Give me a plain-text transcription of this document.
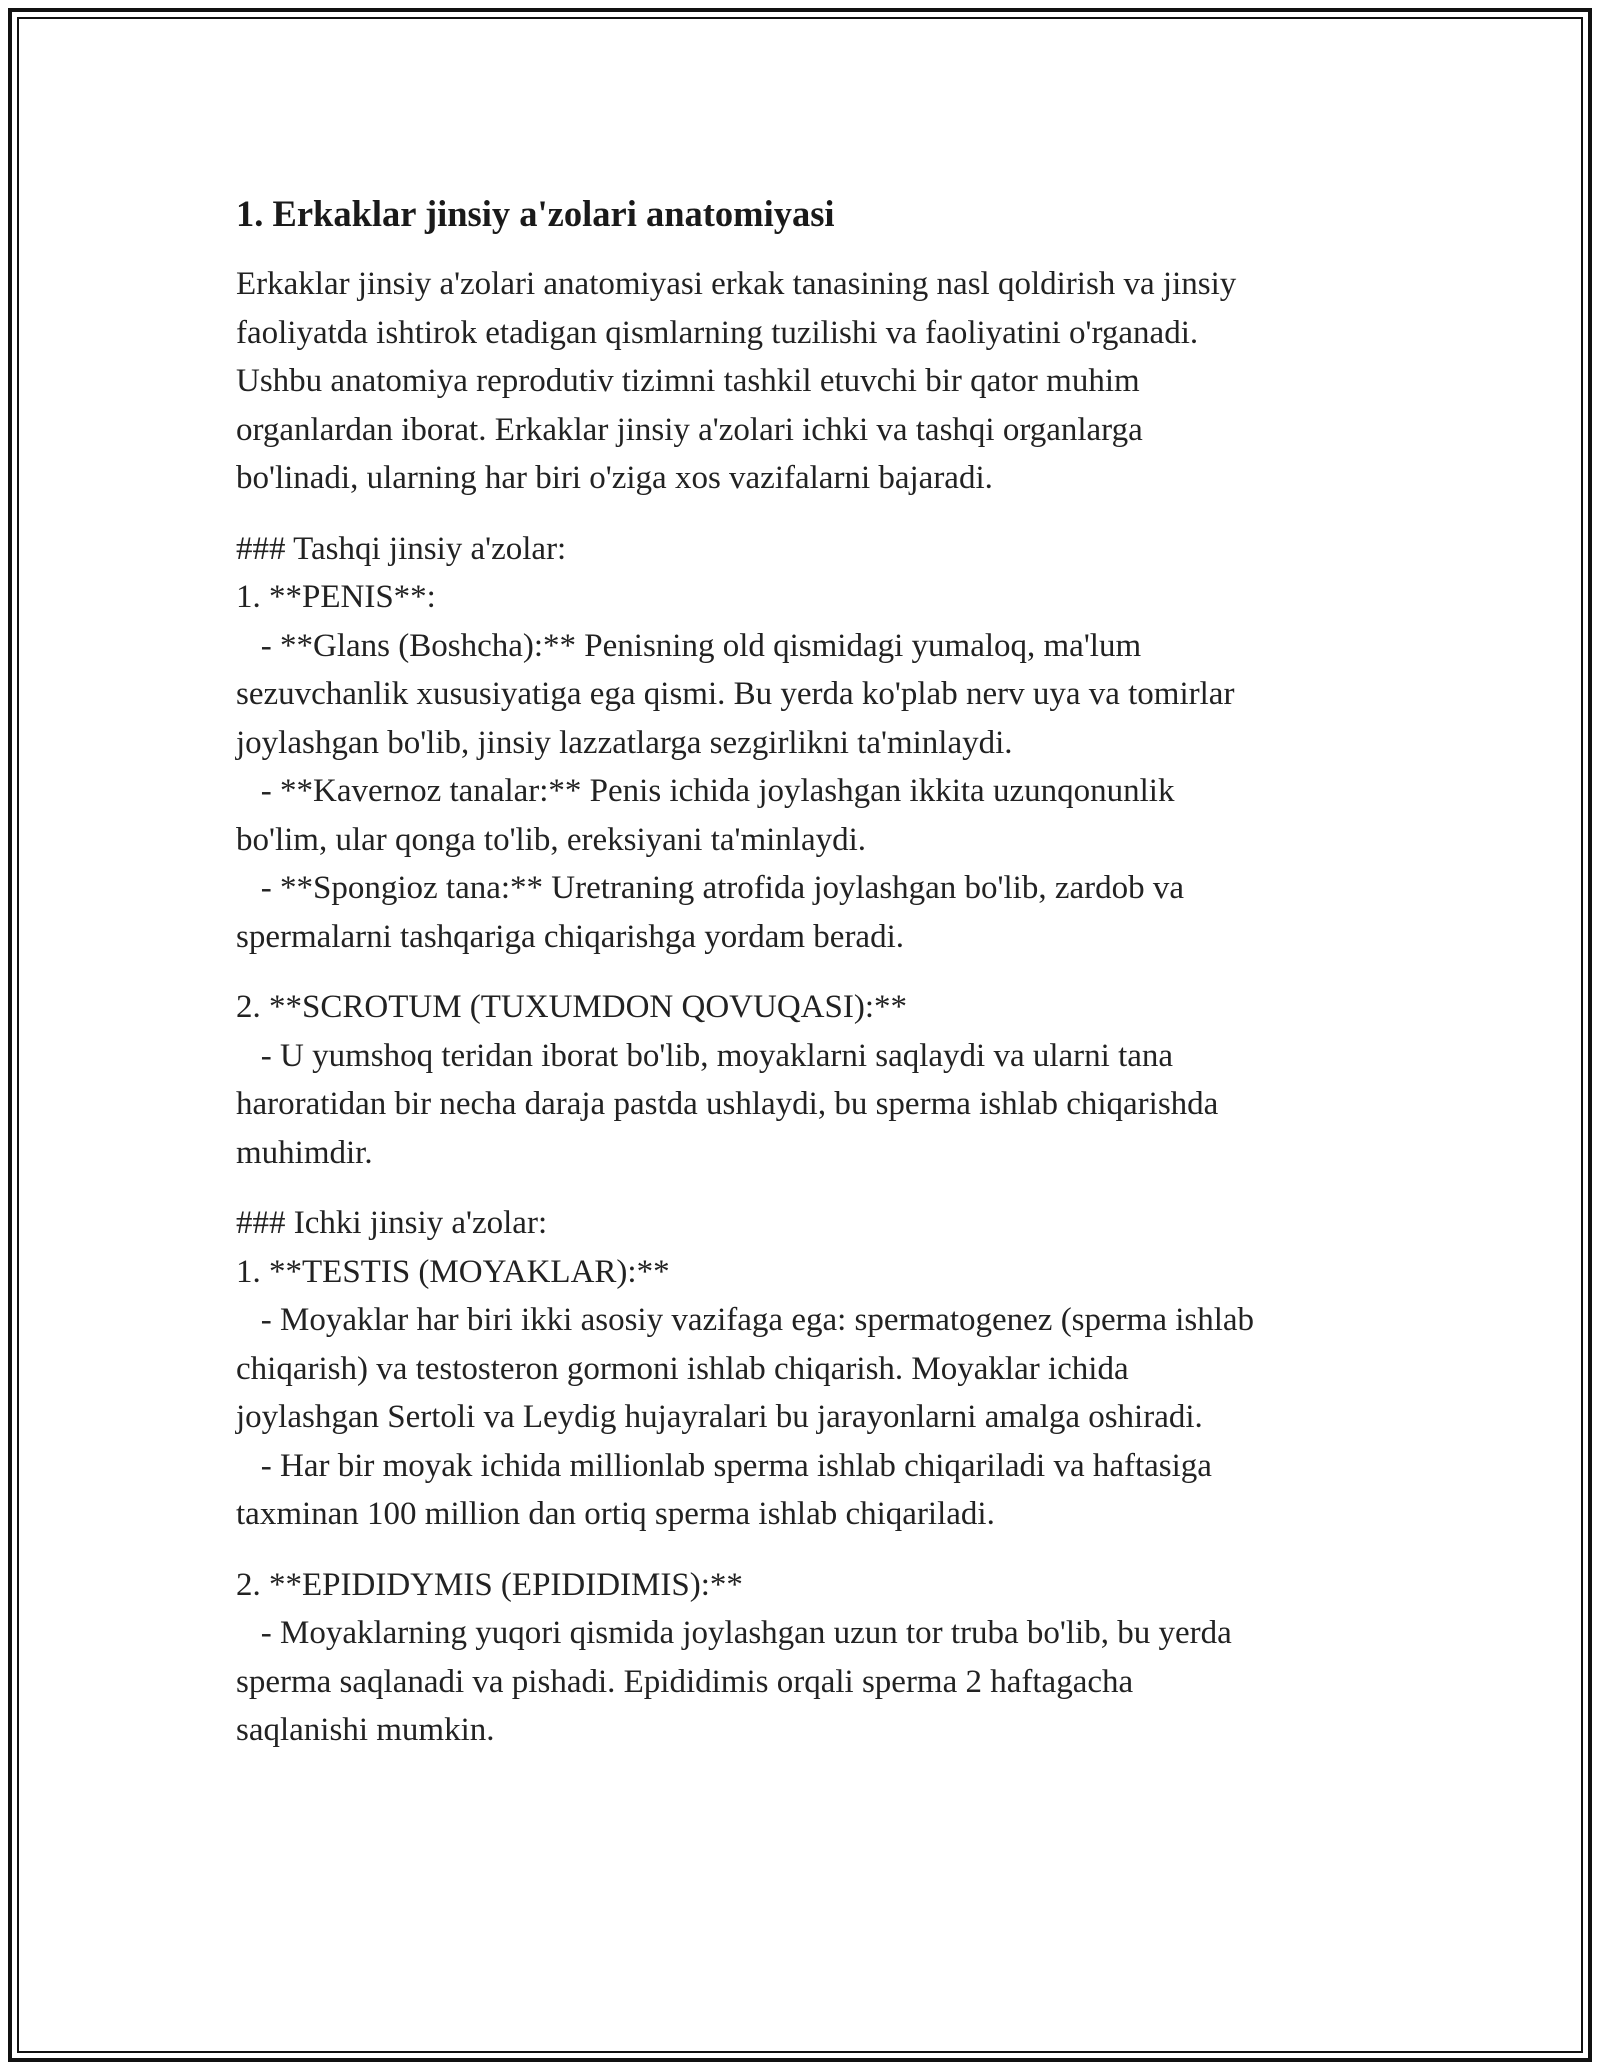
1. Erkaklar jinsiy a'zolari anatomiyasi

Erkaklar jinsiy a'zolari anatomiyasi erkak tanasining nasl qoldirish va jinsiy
faoliyatda ishtirok etadigan qismlarning tuzilishi va faoliyatini o'rganadi.
Ushbu anatomiya reprodutiv tizimni tashkil etuvchi bir qator muhim
organlardan iborat. Erkaklar jinsiy a'zolari ichki va tashqi organlarga
bo'linadi, ularning har biri o'ziga xos vazifalarni bajaradi.

### Tashqi jinsiy a'zolar:
1. **PENIS**:
- **Glans (Boshcha):** Penisning old qismidagi yumaloq, ma'lum
sezuvchanlik xususiyatiga ega qismi. Bu yerda ko'plab nerv uya va tomirlar
joylashgan bo'lib, jinsiy lazzatlarga sezgirlikni ta'minlaydi.
- **Kavernoz tanalar:** Penis ichida joylashgan ikkita uzunqonunlik
bo'lim, ular qonga to'lib, ereksiyani ta'minlaydi.
- **Spongioz tana:** Uretraning atrofida joylashgan bo'lib, zardob va
spermalarni tashqariga chiqarishga yordam beradi.

2. **SCROTUM (TUXUMDON QOVUQASI):**
- U yumshoq teridan iborat bo'lib, moyaklarni saqlaydi va ularni tana
haroratidan bir necha daraja pastda ushlaydi, bu sperma ishlab chiqarishda
muhimdir.

### Ichki jinsiy a'zolar:
1. **TESTIS (MOYAKLAR):**
- Moyaklar har biri ikki asosiy vazifaga ega: spermatogenez (sperma ishlab
chiqarish) va testosteron gormoni ishlab chiqarish. Moyaklar ichida
joylashgan Sertoli va Leydig hujayralari bu jarayonlarni amalga oshiradi.
- Har bir moyak ichida millionlab sperma ishlab chiqariladi va haftasiga
taxminan 100 million dan ortiq sperma ishlab chiqariladi.

2. **EPIDIDYMIS (EPIDIDIMIS):**
- Moyaklarning yuqori qismida joylashgan uzun tor truba bo'lib, bu yerda
sperma saqlanadi va pishadi. Epididimis orqali sperma 2 haftagacha
saqlanishi mumkin.
